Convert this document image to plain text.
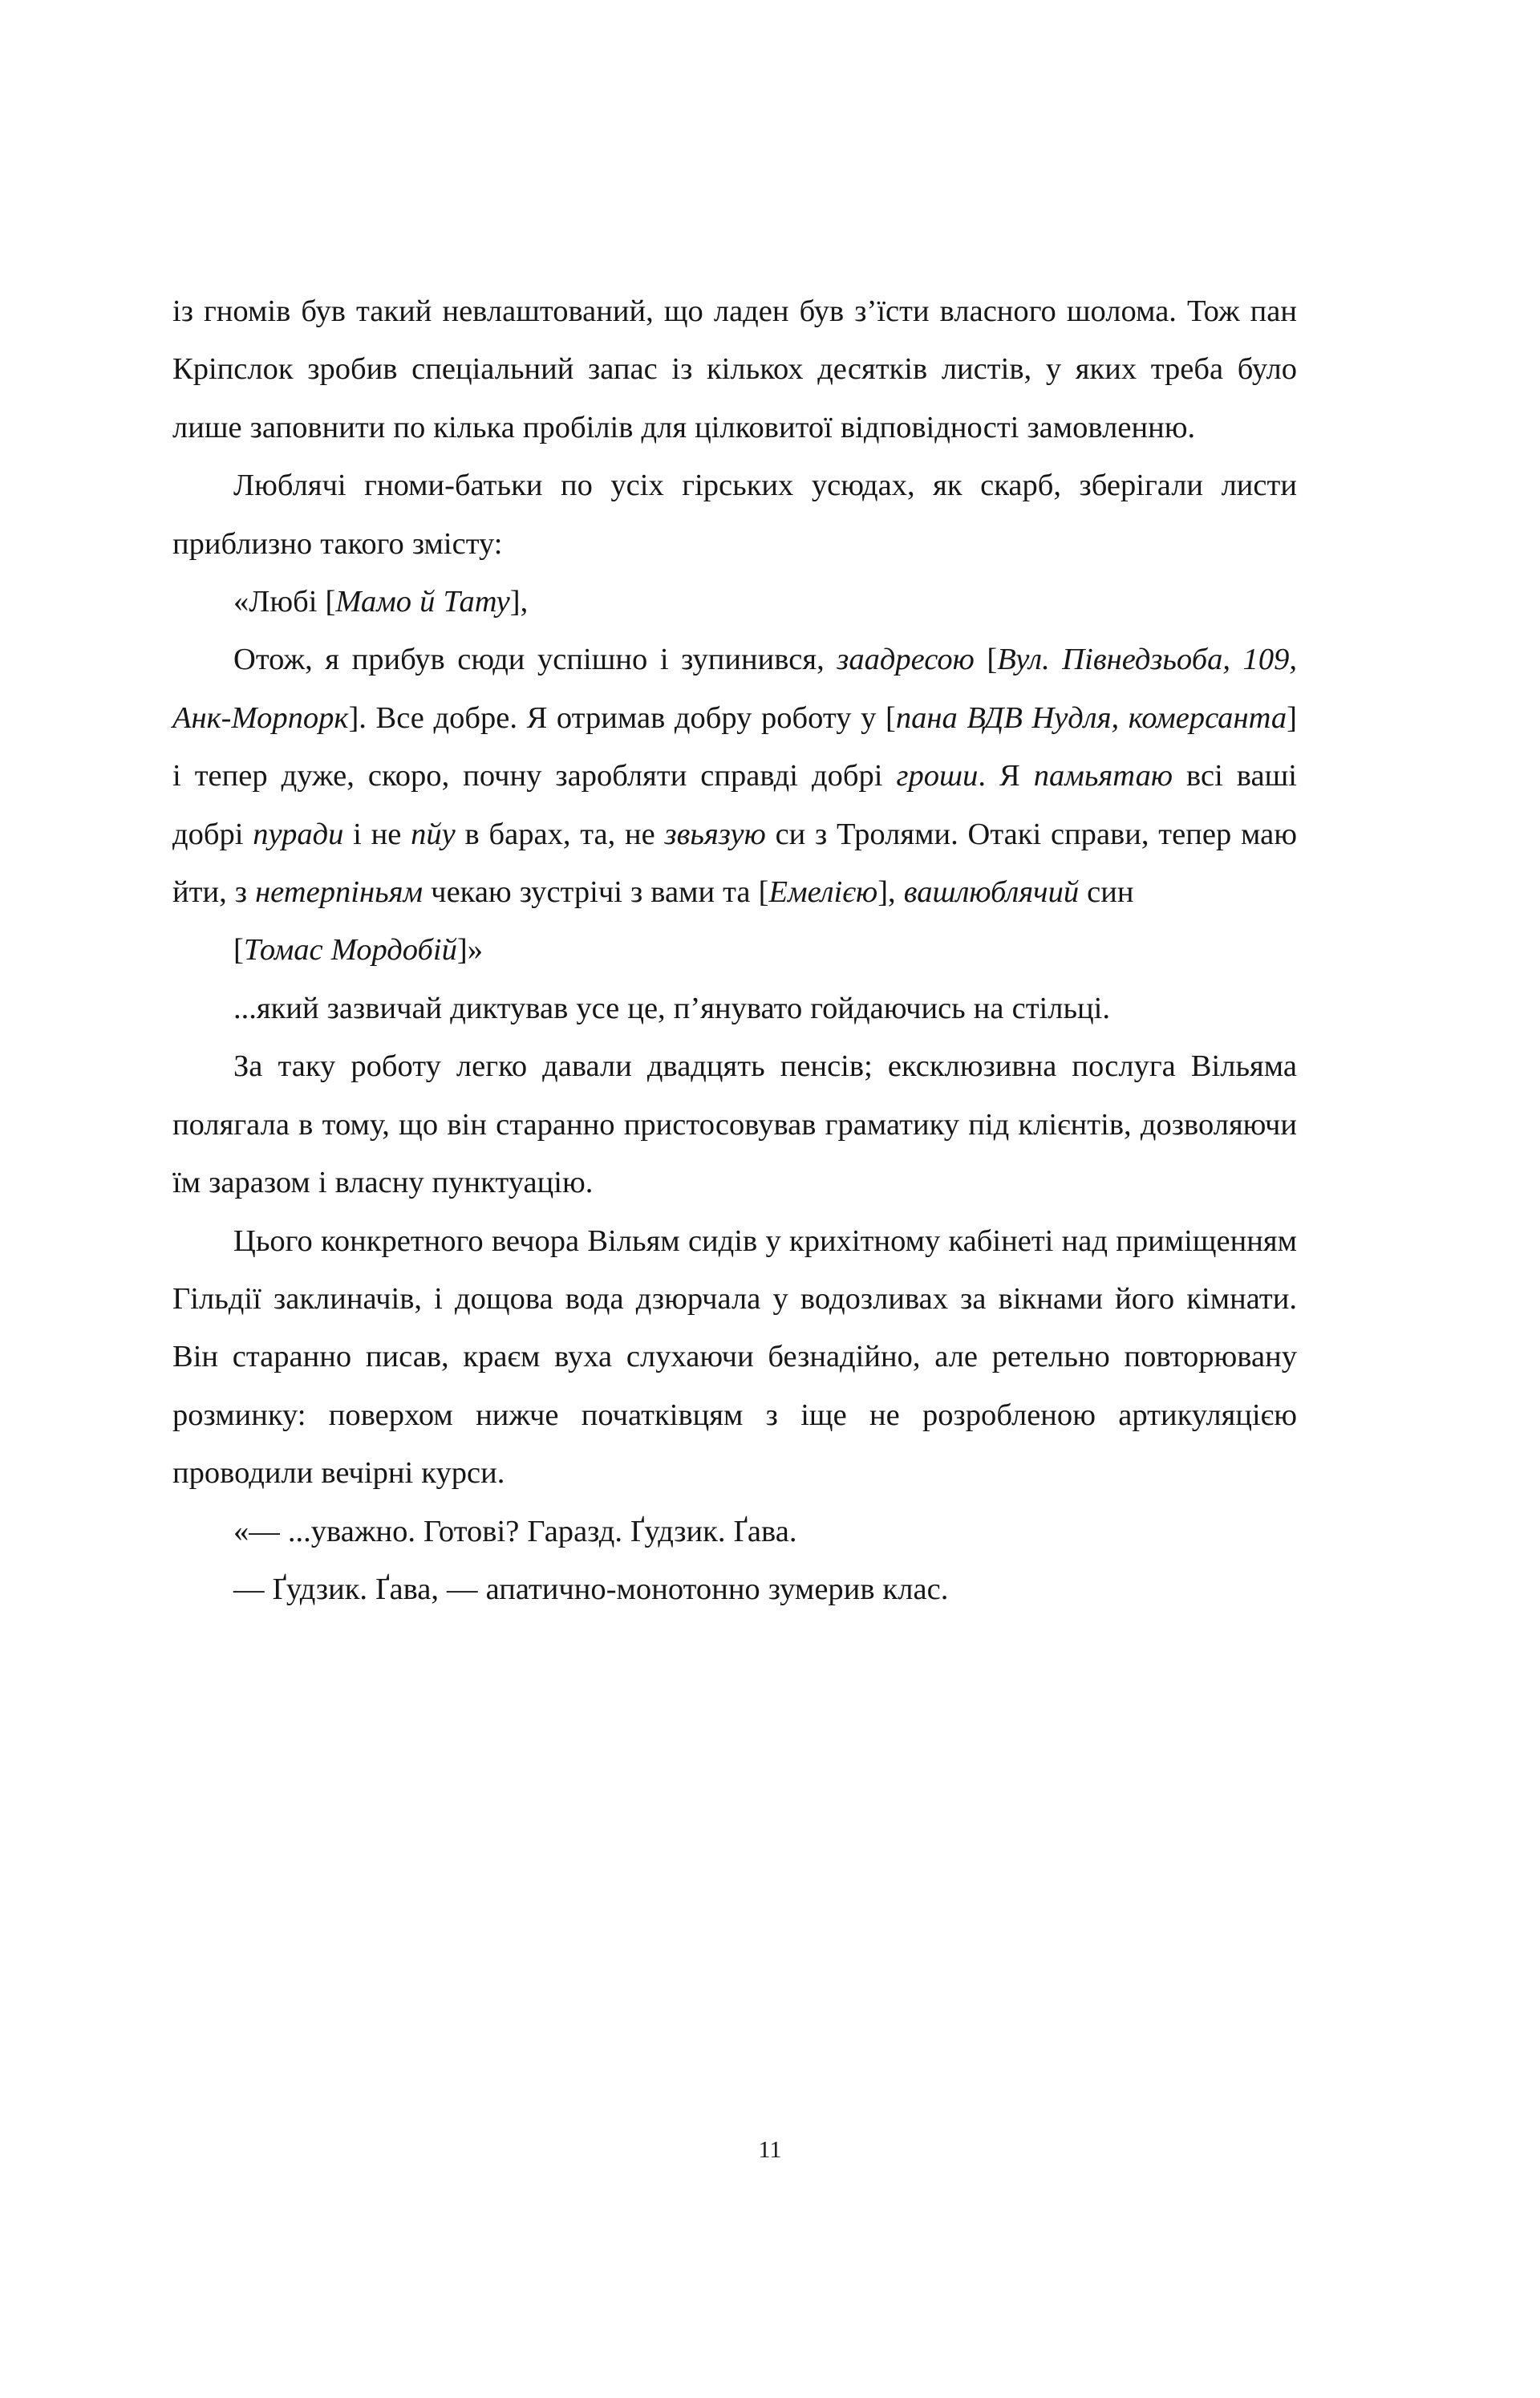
із гномів був такий невлаштований, що ладен був з’їсти власного шолома. Тож пан Кріпслок зробив спеціальний запас із кількох десятків листів, у яких треба було лише заповнити по кілька пробілів для цілковитої відповідності замовленню.

Люблячі гноми-батьки по усіх гірських усюдах, як скарб, зберігали листи приблизно такого змісту:

«Любі [Мамо й Тату],

Отож, я прибув сюди успішно і зупинився, заадресою [Вул. Півнедзьоба, 109, Анк-Морпорк]. Все добре. Я отримав добру роботу у [пана ВДВ Нудля, комерсанта] і тепер дуже, скоро, почну заробляти справді добрі гроши. Я памьятаю всі ваші добрі пуради і не пйу в барах, та, не звьязую си з Тролями. Отакі справи, тепер маю йти, з нетерпіньям чекаю зустрічі з вами та [Емелією], вашлюблячий син

[Томас Мордобій]»

...який зазвичай диктував усе це, п’янувато гойдаючись на стільці.

За таку роботу легко давали двадцять пенсів; ексклюзивна послуга Вільяма полягала в тому, що він старанно пристосовував граматику під клієнтів, дозволяючи їм заразом і власну пунктуацію.

Цього конкретного вечора Вільям сидів у крихітному кабінеті над приміщенням Гільдії заклиначів, і дощова вода дзюрчала у водозливах за вікнами його кімнати. Він старанно писав, краєм вуха слухаючи безнадійно, але ретельно повторювану розминку: поверхом нижче початківцям з іще не розробленою артикуляцією проводили вечірні курси.

«— ...уважно. Готові? Гаразд. Ґудзик. Ґава.

— Ґудзик. Ґава, — апатично-монотонно зумерив клас.

11
